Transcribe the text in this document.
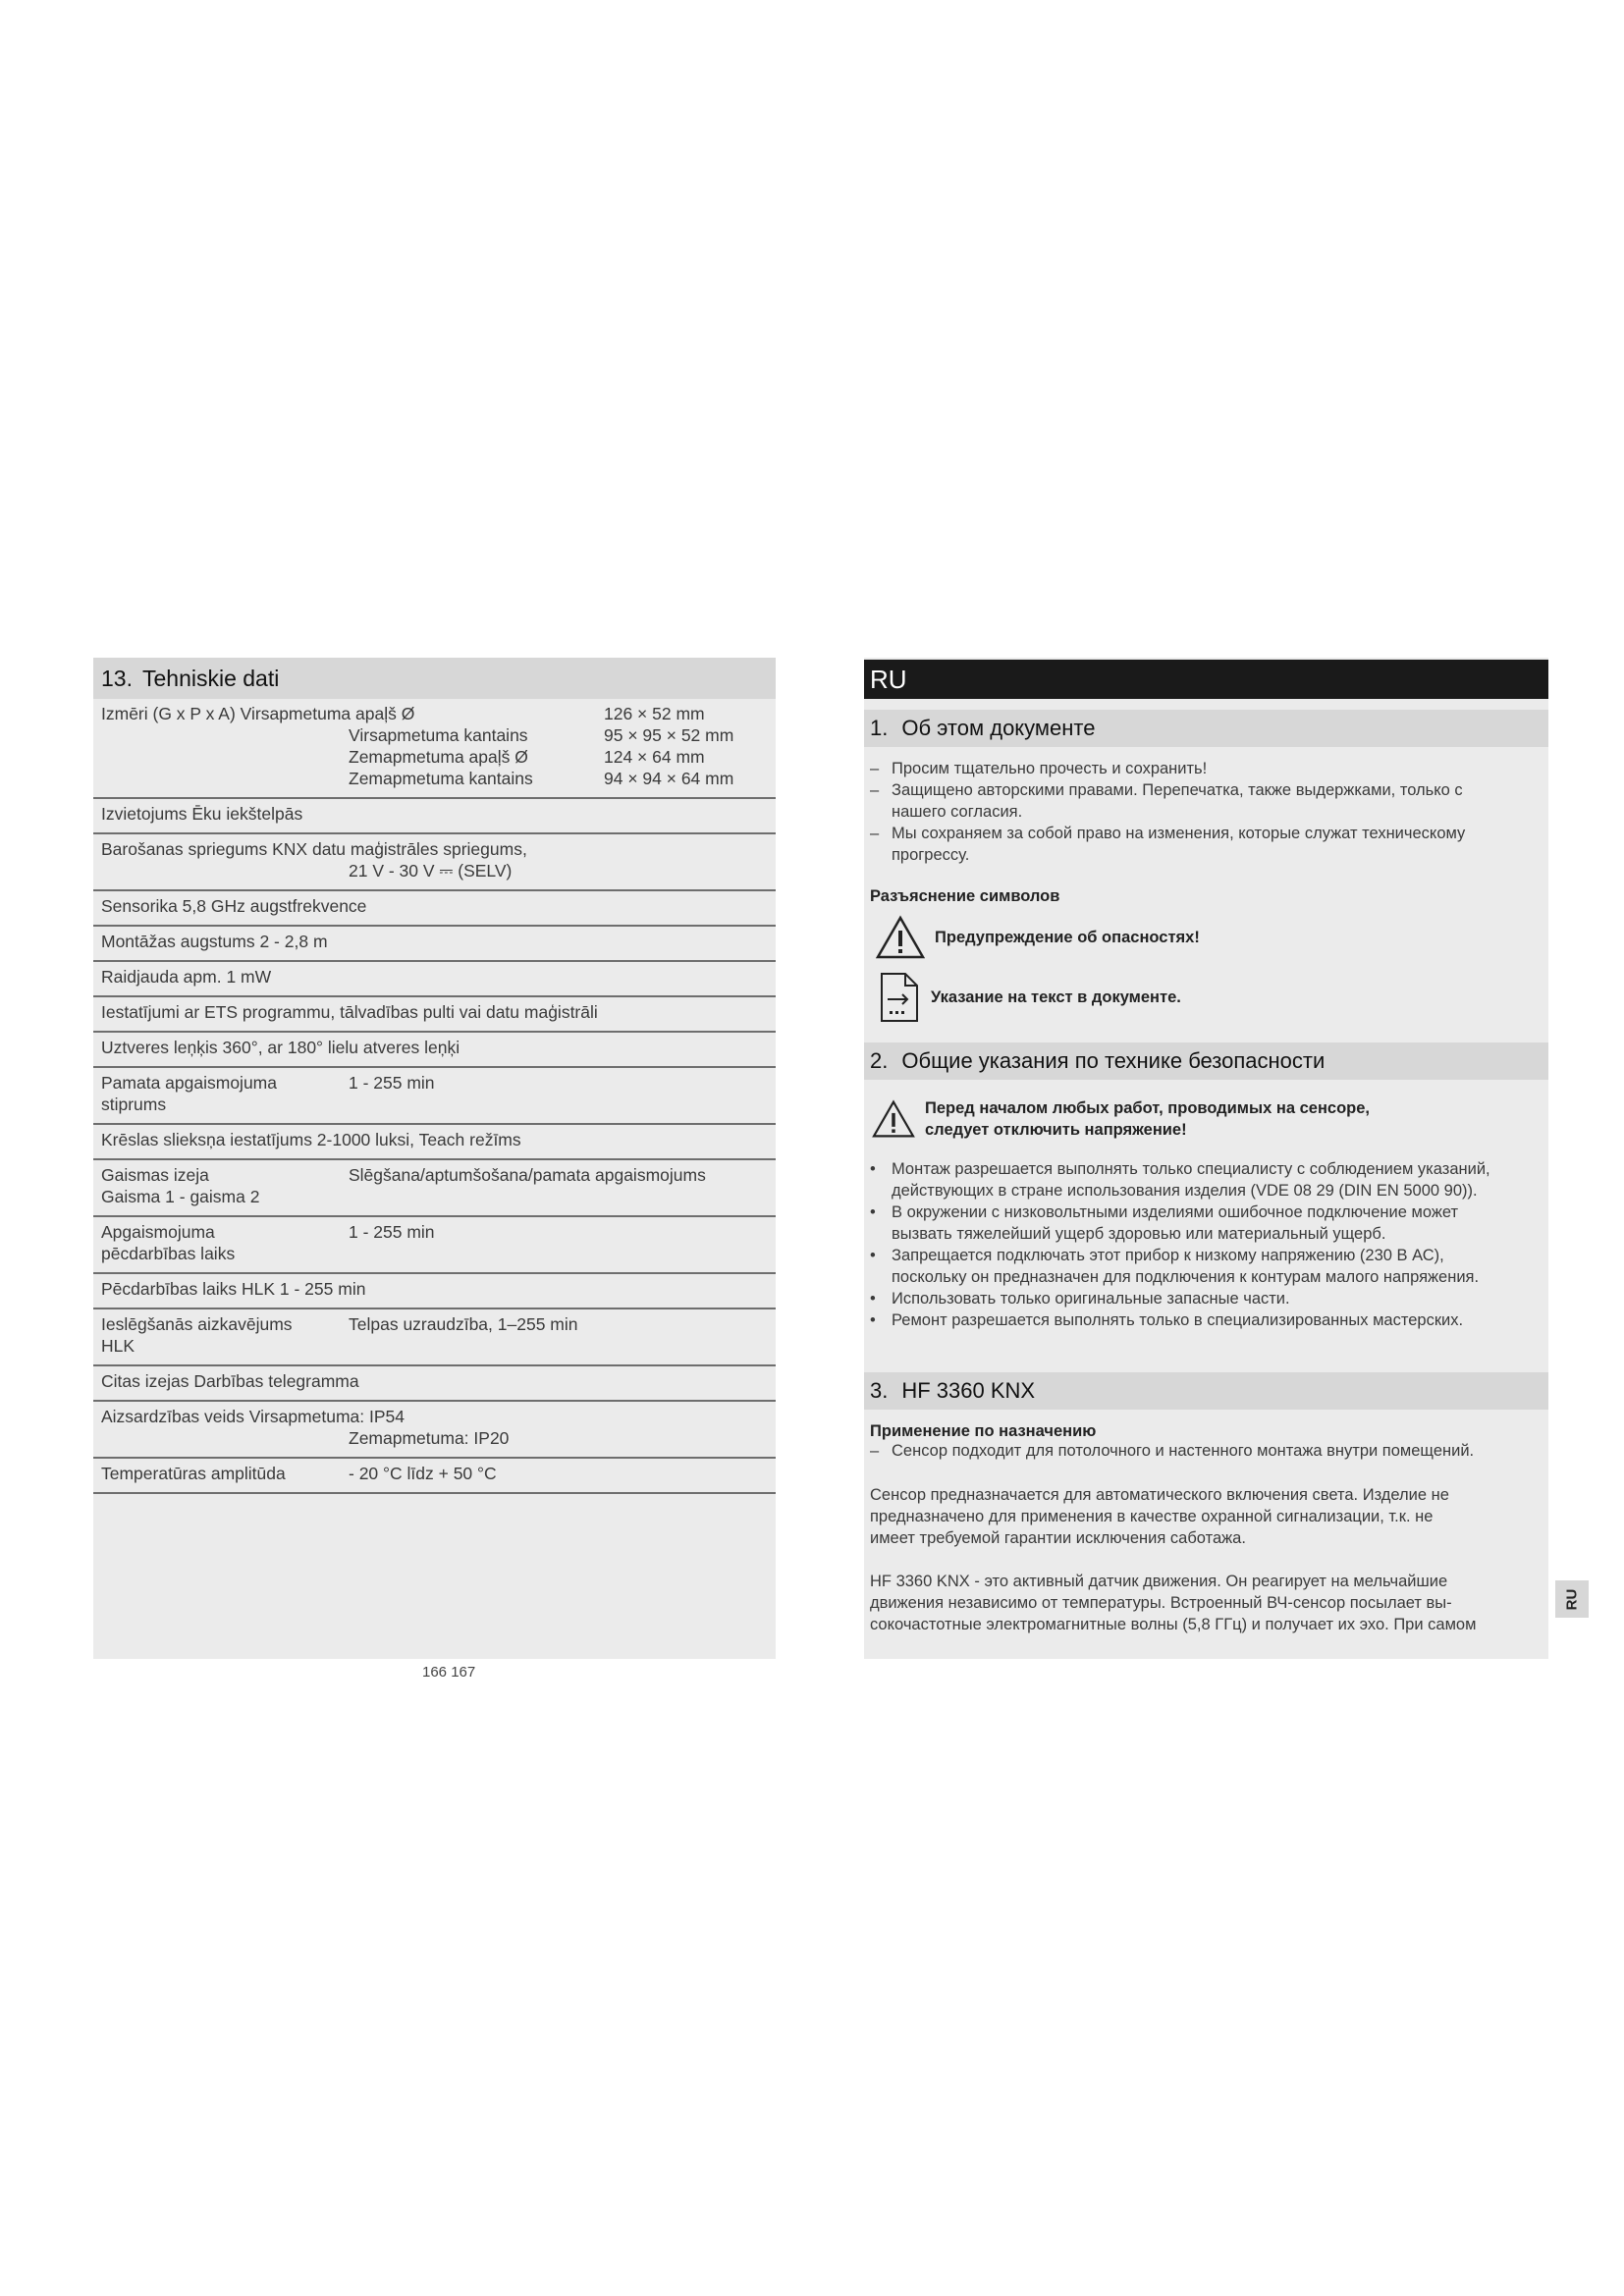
13. Tehniskie dati
Izmēri (G x P x A) Virsapmetuma apaļš Ø	126 × 52 mm
Virsapmetuma kantains	95 × 95 × 52 mm
Zemapmetuma apaļš Ø	124 × 64 mm
Zemapmetuma kantains	94 × 94 × 64 mm
Izvietojums Ēku iekštelpās
Barošanas spriegums KNX datu maģistrāles spriegums,
21 V - 30 V ⎓ (SELV)
Sensorika 5,8 GHz augstfrekvence
Montāžas augstums 2 - 2,8 m
Raidjauda apm. 1 mW
Iestatījumi ar ETS programmu, tālvadības pulti vai datu maģistrāli
Uztveres leņķis 360°, ar 180° lielu atveres leņķi
Pamata apgaismojuma	1 - 255 min
stiprums
Krēslas slieksņa iestatījums 2-1000 luksi, Teach režīms
Gaismas izeja	Slēgšana/aptumšošana/pamata apgaismojums
Gaisma 1 - gaisma 2
Apgaismojuma	1 - 255 min
pēcdarbības laiks
Pēcdarbības laiks HLK 1 - 255 min
Ieslēgšanās aizkavējums	Telpas uzraudzība, 1–255 min
HLK
Citas izejas Darbības telegramma
Aizsardzības veids Virsapmetuma: IP54
Zemapmetuma: IP20
Temperatūras amplitūda	- 20 °C līdz + 50 °C
166 167
RU
1. Об этом документе
– Просим тщательно прочесть и сохранить!
– Защищено авторскими правами. Перепечатка, также выдержками, только с
нашего согласия.
– Мы сохраняем за собой право на изменения, которые служат техническому
прогрессу.
Разъяснение символов
Предупреждение об опасностях!
Указание на текст в документе.
2. Общие указания по технике безопасности
Перед началом любых работ, проводимых на сенсоре,
следует отключить напряжение!
• Монтаж разрешается выполнять только специалисту с соблюдением указаний,
действующих в стране использования изделия (VDE 08 29 (DIN EN 5000 90)).
• В окружении с низковольтными изделиями ошибочное подключение может
вызвать тяжелейший ущерб здоровью или материальный ущерб.
• Запрещается подключать этот прибор к низкому напряжению (230 В АС),
поскольку он предназначен для подключения к контурам малого напряжения.
• Использовать только оригинальные запасные части.
• Ремонт разрешается выполнять только в специализированных мастерских.
3. HF 3360 KNX
Применение по назначению
– Сенсор подходит для потолочного и настенного монтажа внутри помещений.
Сенсор предназначается для автоматического включения света. Изделие не
предназначено для применения в качестве охранной сигнализации, т.к. не
имеет требуемой гарантии исключения саботажа.
HF 3360 KNX - это активный датчик движения. Он реагирует на мельчайшие
движения независимо от температуры. Встроенный ВЧ-сенсор посылает вы-
сокочастотные электромагнитные волны (5,8 ГГц) и получает их эхо. При самом
RU
